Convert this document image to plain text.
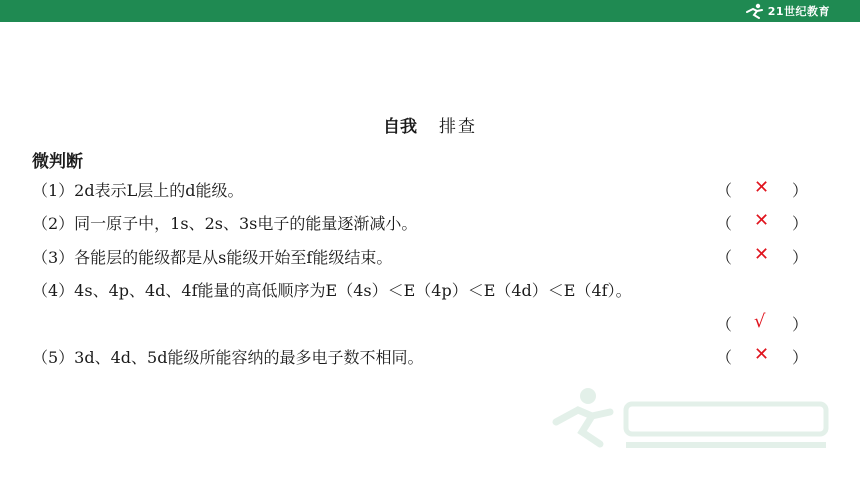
21世纪教育
自我 排查
微判断
（1）2d表示L层上的d能级。	（ ✕ ）
（2）同一原子中，1s、2s、3s电子的能量逐渐减小。	（ ✕ ）
（3）各能层的能级都是从s能级开始至f能级结束。	（ ✕ ）
（4）4s、4p、4d、4f能量的高低顺序为E（4s）＜E（4p）＜E（4d）＜E（4f）。
（ √ ）
（5）3d、4d、5d能级所能容纳的最多电子数不相同。	（ ✕ ）
